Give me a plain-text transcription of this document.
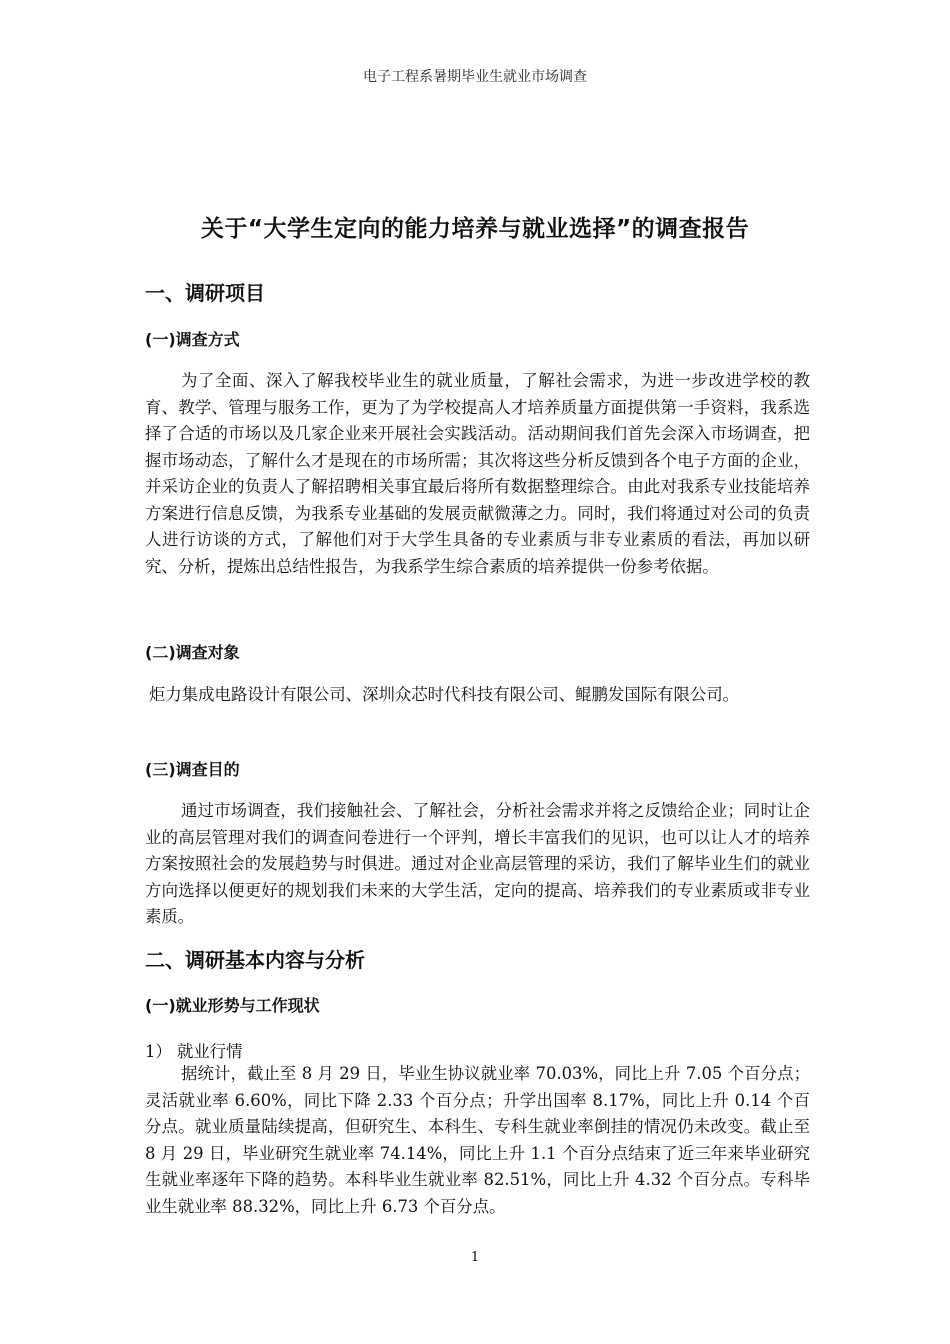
电子工程系暑期毕业生就业市场调查
关于“大学生定向的能力培养与就业选择”的调查报告
一、调研项目
(一)调查方式
为了全面、深入了解我校毕业生的就业质量，了解社会需求，为进一步改进学校的教育、教学、管理与服务工作，更为了为学校提高人才培养质量方面提供第一手资料，我系选择了合适的市场以及几家企业来开展社会实践活动。活动期间我们首先会深入市场调查，把握市场动态，了解什么才是现在的市场所需；其次将这些分析反馈到各个电子方面的企业，并采访企业的负责人了解招聘相关事宜最后将所有数据整理综合。由此对我系专业技能培养方案进行信息反馈，为我系专业基础的发展贡献微薄之力。同时，我们将通过对公司的负责人进行访谈的方式，了解他们对于大学生具备的专业素质与非专业素质的看法，再加以研究、分析，提炼出总结性报告，为我系学生综合素质的培养提供一份参考依据。
(二)调查对象
炬力集成电路设计有限公司、深圳众芯时代科技有限公司、鲲鹏发国际有限公司。
(三)调查目的
通过市场调查，我们接触社会、了解社会，分析社会需求并将之反馈给企业；同时让企业的高层管理对我们的调查问卷进行一个评判，增长丰富我们的见识，也可以让人才的培养方案按照社会的发展趋势与时俱进。通过对企业高层管理的采访，我们了解毕业生们的就业方向选择以便更好的规划我们未来的大学生活，定向的提高、培养我们的专业素质或非专业素质。
二、调研基本内容与分析
(一)就业形势与工作现状
1） 就业行情
据统计，截止至 8 月 29 日，毕业生协议就业率 70.03%，同比上升 7.05 个百分点；灵活就业率 6.60%，同比下降 2.33 个百分点；升学出国率 8.17%，同比上升 0.14 个百分点。就业质量陆续提高，但研究生、本科生、专科生就业率倒挂的情况仍未改变。截止至 8 月 29 日，毕业研究生就业率 74.14%，同比上升 1.1 个百分点结束了近三年来毕业研究生就业率逐年下降的趋势。本科毕业生就业率 82.51%，同比上升 4.32 个百分点。专科毕业生就业率 88.32%，同比上升 6.73 个百分点。
1
